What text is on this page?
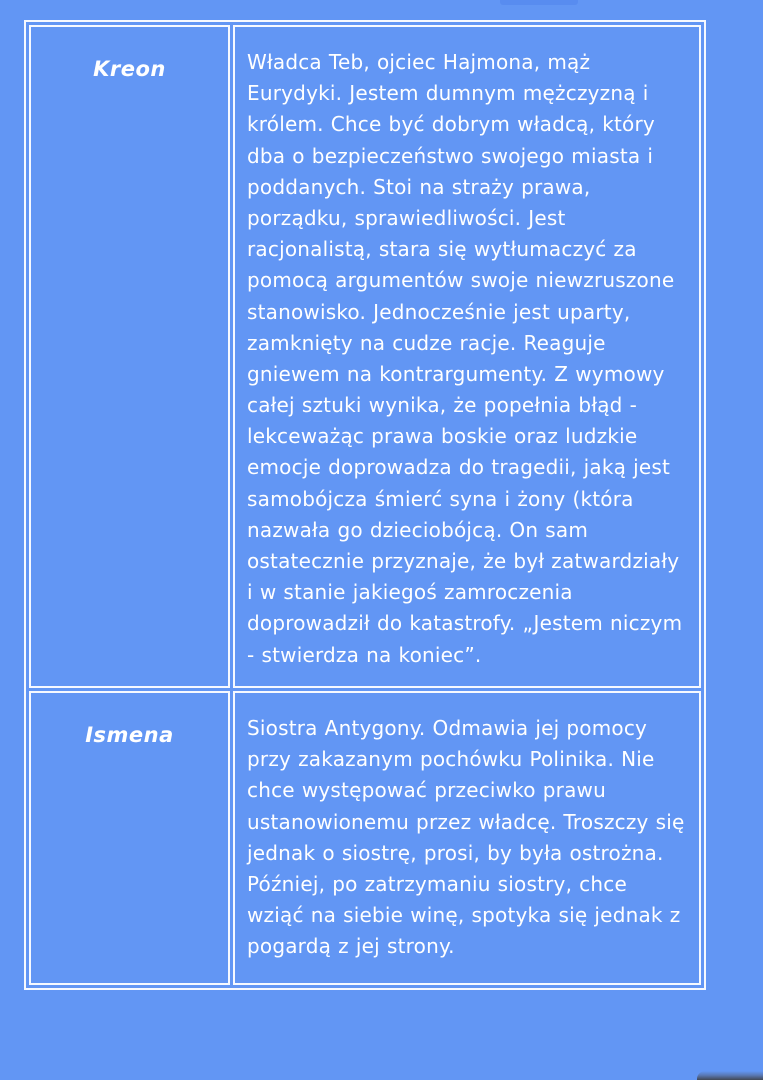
Kreon	Władca Teb, ojciec Hajmona, mąż Eurydyki. Jestem dumnym mężczyzną i królem. Chce być dobrym władcą, który dba o bezpieczeństwo swojego miasta i poddanych. Stoi na straży prawa, porządku, sprawiedliwości. Jest racjonalistą, stara się wytłumaczyć za pomocą argumentów swoje niewzruszone stanowisko. Jednocześnie jest uparty, zamknięty na cudze racje. Reaguje gniewem na kontrargumenty. Z wymowy całej sztuki wynika, że popełnia błąd - lekceważąc prawa boskie oraz ludzkie emocje doprowadza do tragedii, jaką jest samobójcza śmierć syna i żony (która nazwała go dzieciobójcą. On sam ostatecznie przyznaje, że był zatwardziały i w stanie jakiegoś zamroczenia doprowadził do katastrofy. „Jestem niczym - stwierdza na koniec”.
Ismena	Siostra Antygony. Odmawia jej pomocy przy zakazanym pochówku Polinika. Nie chce występować przeciwko prawu ustanowionemu przez władcę. Troszczy się jednak o siostrę, prosi, by była ostrożna. Później, po zatrzymaniu siostry, chce wziąć na siebie winę, spotyka się jednak z pogardą z jej strony.
